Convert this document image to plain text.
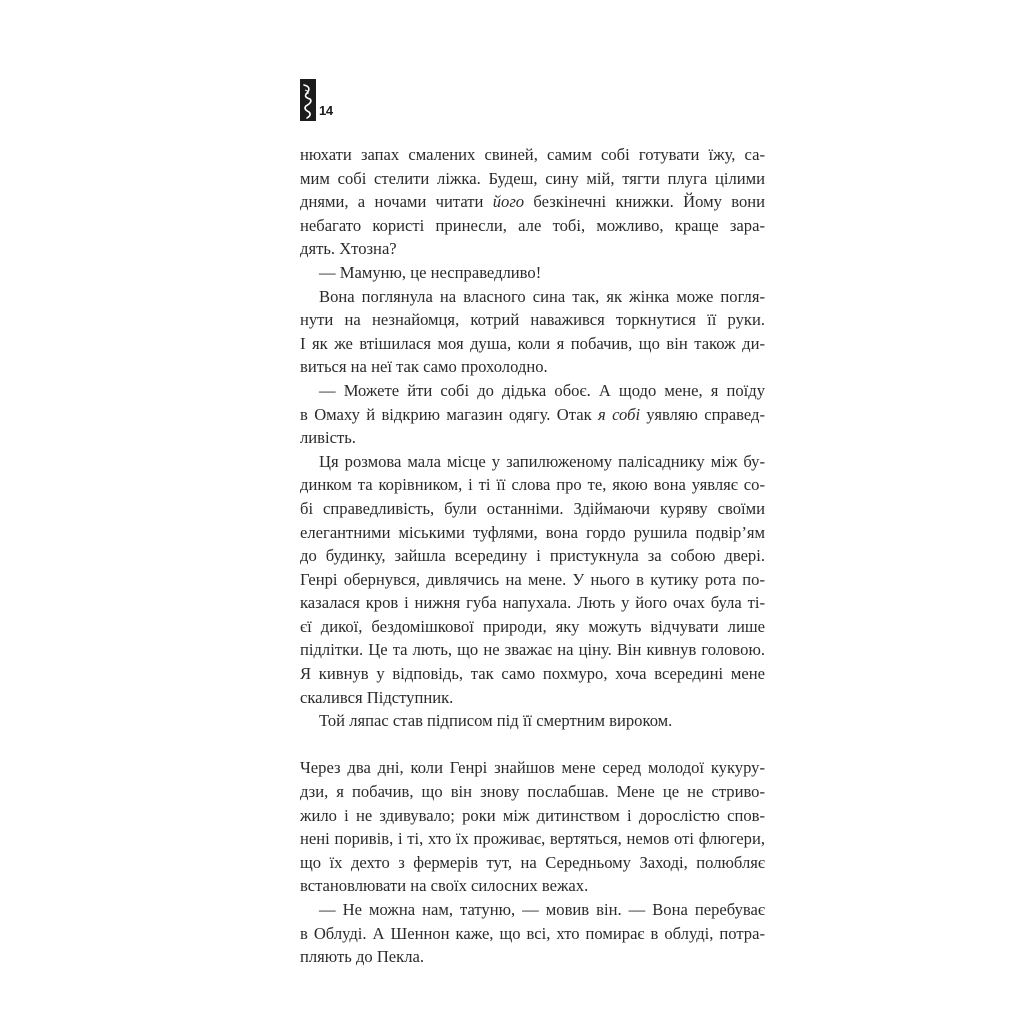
14
нюхати запах смалених свиней, самим собі готувати їжу, са-
мим собі стелити ліжка. Будеш, сину мій, тягти плуга цілими
днями, а ночами читати його безкінечні книжки. Йому вони
небагато користі принесли, але тобі, можливо, краще зара-
дять. Хтозна?
— Мамуню, це несправедливо!
Вона поглянула на власного сина так, як жінка може погля-
нути на незнайомця, котрий наважився торкнутися її руки.
І як же втішилася моя душа, коли я побачив, що він також ди-
виться на неї так само прохолодно.
— Можете йти собі до дідька обоє. А щодо мене, я поїду
в Омаху й відкрию магазин одягу. Отак я собі уявляю справед-
ливість.
Ця розмова мала місце у запилюженому палісаднику між бу-
динком та корівником, і ті її слова про те, якою вона уявляє со-
бі справедливість, були останніми. Здіймаючи куряву своїми
елегантними міськими туфлями, вона гордо рушила подвір’ям
до будинку, зайшла всередину і пристукнула за собою двері.
Генрі обернувся, дивлячись на мене. У нього в кутику рота по-
казалася кров і нижня губа напухала. Лють у його очах була ті-
єї дикої, бездомішкової природи, яку можуть відчувати лише
підлітки. Це та лють, що не зважає на ціну. Він кивнув головою.
Я кивнув у відповідь, так само похмуро, хоча всередині мене
скалився Підступник.
Той ляпас став підписом під її смертним вироком.
Через два дні, коли Генрі знайшов мене серед молодої кукуру-
дзи, я побачив, що він знову послабшав. Мене це не стриво-
жило і не здивувало; роки між дитинством і дорослістю спов-
нені поривів, і ті, хто їх проживає, вертяться, немов оті флюгери,
що їх дехто з фермерів тут, на Середньому Заході, полюбляє
встановлювати на своїх силосних вежах.
— Не можна нам, татуню, — мовив він. — Вона перебуває
в Облуді. А Шеннон каже, що всі, хто помирає в облуді, потра-
пляють до Пекла.
